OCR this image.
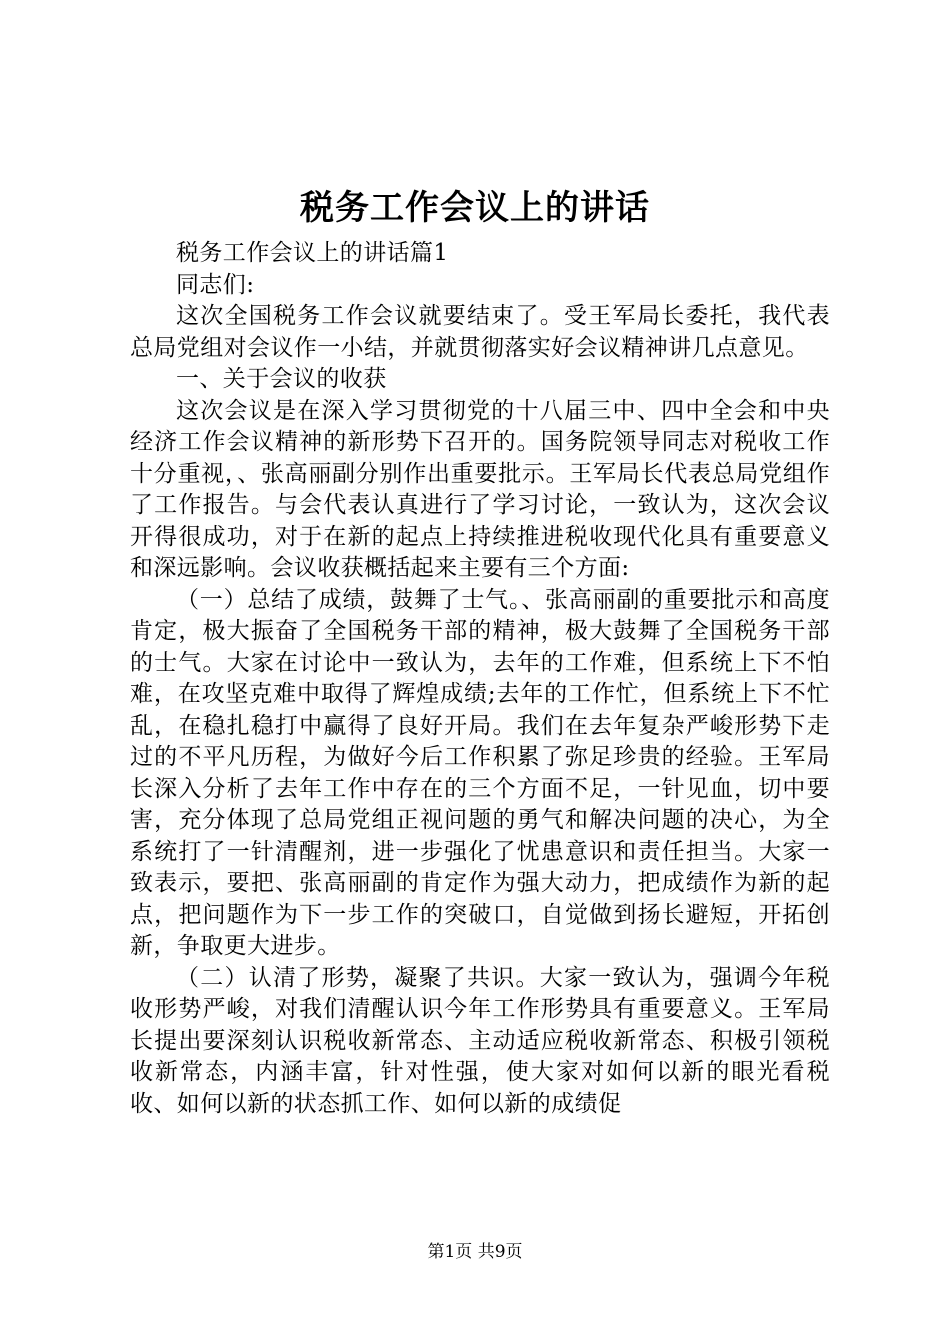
税务工作会议上的讲话

税务工作会议上的讲话篇1

同志们:

这次全国税务工作会议就要结束了。受王军局长委托，我代表总局党组对会议作一小结，并就贯彻落实好会议精神讲几点意见。

一、关于会议的收获

这次会议是在深入学习贯彻党的十八届三中、四中全会和中央经济工作会议精神的新形势下召开的。国务院领导同志对税收工作十分重视，、张高丽副分别作出重要批示。王军局长代表总局党组作了工作报告。与会代表认真进行了学习讨论，一致认为，这次会议开得很成功，对于在新的起点上持续推进税收现代化具有重要意义和深远影响。会议收获概括起来主要有三个方面:

（一）总结了成绩，鼓舞了士气。、张高丽副的重要批示和高度肯定，极大振奋了全国税务干部的精神，极大鼓舞了全国税务干部的士气。大家在讨论中一致认为，去年的工作难，但系统上下不怕难，在攻坚克难中取得了辉煌成绩;去年的工作忙，但系统上下不忙乱，在稳扎稳打中赢得了良好开局。我们在去年复杂严峻形势下走过的不平凡历程，为做好今后工作积累了弥足珍贵的经验。王军局长深入分析了去年工作中存在的三个方面不足，一针见血，切中要害，充分体现了总局党组正视问题的勇气和解决问题的决心，为全系统打了一针清醒剂，进一步强化了忧患意识和责任担当。大家一致表示，要把、张高丽副的肯定作为强大动力，把成绩作为新的起点，把问题作为下一步工作的突破口，自觉做到扬长避短，开拓创新，争取更大进步。

（二）认清了形势，凝聚了共识。大家一致认为，强调今年税收形势严峻，对我们清醒认识今年工作形势具有重要意义。王军局长提出要深刻认识税收新常态、主动适应税收新常态、积极引领税收新常态，内涵丰富，针对性强，使大家对如何以新的眼光看税收、如何以新的状态抓工作、如何以新的成绩促

第1页 共9页
